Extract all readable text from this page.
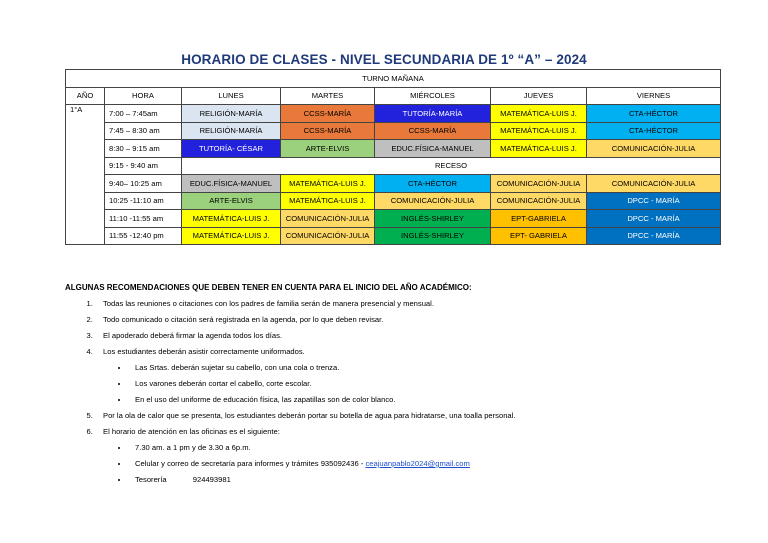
HORARIO DE CLASES - NIVEL SECUNDARIA DE 1º “A” – 2024
TURNO MAÑANA						
AÑO	HORA	LUNES	MARTES	MIÉRCOLES	JUEVES	VIERNES
1°A	7:00 – 7:45am	RELIGIÓN-MARÍA	CCSS-MARÍA	TUTORÍA-MARÍA	MATEMÁTICA-LUIS J.	CTA-HÉCTOR
	7:45 – 8:30 am	RELIGIÓN-MARÍA	CCSS-MARÍA	CCSS-MARÍA	MATEMÁTICA-LUIS J.	CTA-HÉCTOR
	8:30 – 9:15 am	TUTORÍA- CÉSAR	ARTE-ELVIS	EDUC.FÍSICA-MANUEL	MATEMÁTICA-LUIS J.	COMUNICACIÓN-JULIA
	9:15 - 9:40 am	RECESO				
	9:40– 10:25 am	EDUC.FÍSICA-MANUEL	MATEMÁTICA-LUIS J.	CTA-HÉCTOR	COMUNICACIÓN-JULIA	COMUNICACIÓN-JULIA
	10:25 -11:10 am	ARTE-ELVIS	MATEMÁTICA-LUIS J.	COMUNICACIÓN-JULIA	COMUNICACIÓN-JULIA	DPCC - MARÍA
	11:10 -11:55 am	MATEMÁTICA-LUIS J.	COMUNICACIÓN-JULIA	INGLÉS-SHIRLEY	EPT-GABRIELA	DPCC - MARÍA
	11:55 -12:40 pm	MATEMÁTICA-LUIS J.	COMUNICACIÓN-JULIA	INGLÉS-SHIRLEY	EPT- GABRIELA	DPCC - MARÍA
ALGUNAS RECOMENDACIONES QUE DEBEN TENER EN CUENTA PARA EL INICIO DEL AÑO ACADÉMICO:
1. Todas las reuniones o citaciones con los padres de familia serán de manera presencial y mensual.
2. Todo comunicado o citación será registrada en la agenda, por lo que deben revisar.
3. El apoderado deberá firmar la agenda todos los días.
4. Los estudiantes deberán asistir correctamente uniformados.
• Las Srtas. deberán sujetar su cabello, con una cola o trenza.
• Los varones deberán cortar el cabello, corte escolar.
• En el uso del uniforme de educación física, las zapatillas son de color blanco.
5. Por la ola de calor que se presenta, los estudiantes deberán portar su botella de agua para hidratarse, una toalla personal.
6. El horario de atención en las oficinas es el siguiente:
• 7.30 am. a 1 pm y de 3.30 a 6p.m.
• Celular y correo de secretaría para informes y trámites 935092436 - ceajuanpablo2024@gmail.com
• Tesorería	924493981
